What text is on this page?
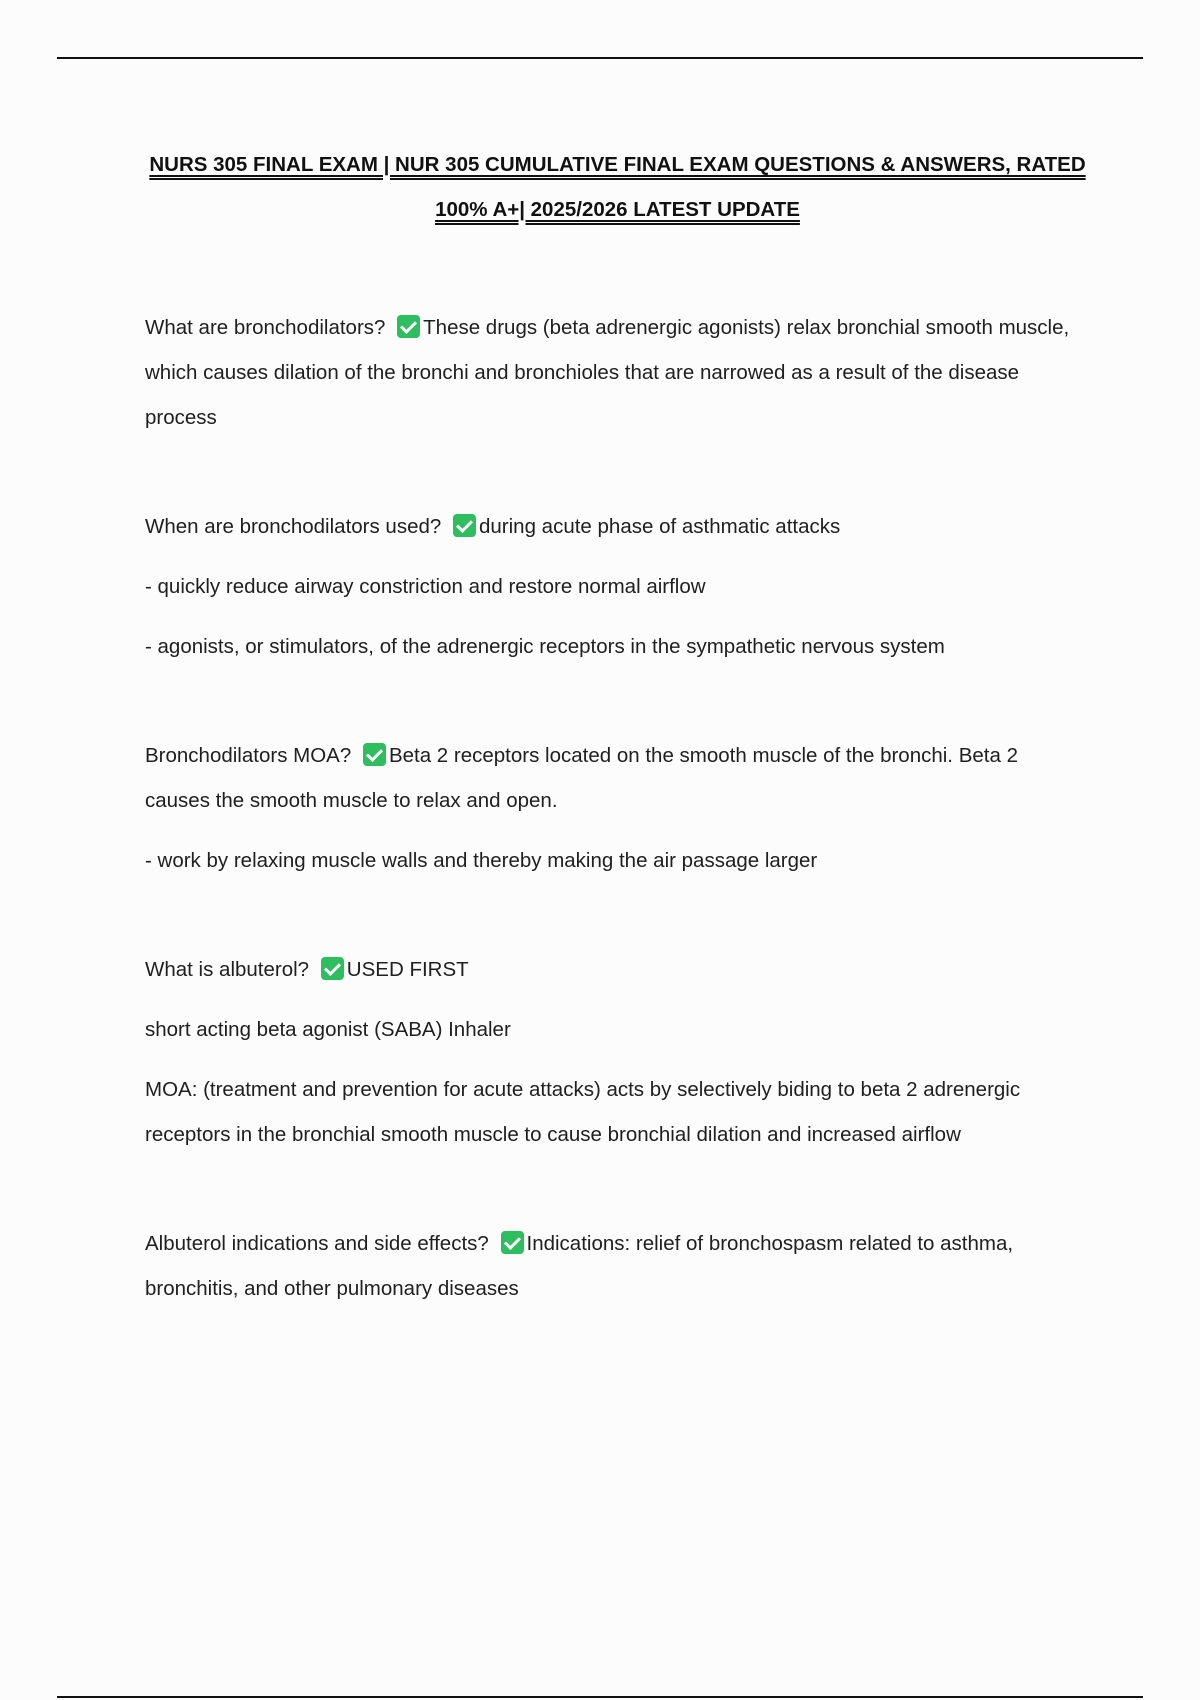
NURS 305 FINAL EXAM | NUR 305 CUMULATIVE FINAL EXAM QUESTIONS & ANSWERS, RATED
100% A+| 2025/2026 LATEST UPDATE

What are bronchodilators? These drugs (beta adrenergic agonists) relax bronchial smooth muscle, which causes dilation of the bronchi and bronchioles that are narrowed as a result of the disease process

When are bronchodilators used? during acute phase of asthmatic attacks

- quickly reduce airway constriction and restore normal airflow

- agonists, or stimulators, of the adrenergic receptors in the sympathetic nervous system

Bronchodilators MOA? Beta 2 receptors located on the smooth muscle of the bronchi. Beta 2 causes the smooth muscle to relax and open.

- work by relaxing muscle walls and thereby making the air passage larger

What is albuterol? USED FIRST

short acting beta agonist (SABA) Inhaler

MOA: (treatment and prevention for acute attacks) acts by selectively biding to beta 2 adrenergic receptors in the bronchial smooth muscle to cause bronchial dilation and increased airflow

Albuterol indications and side effects? Indications: relief of bronchospasm related to asthma, bronchitis, and other pulmonary diseases
